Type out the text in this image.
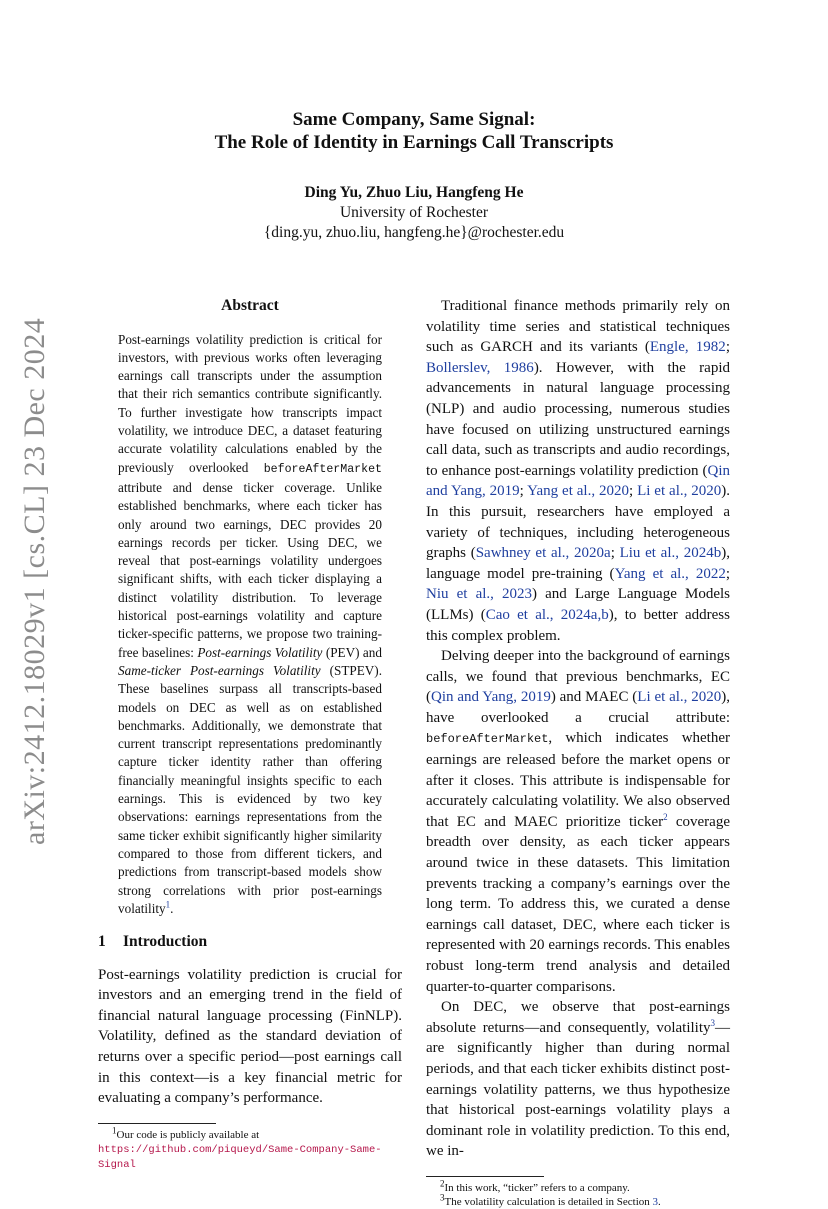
arXiv:2412.18029v1 [cs.CL] 23 Dec 2024
Same Company, Same Signal:
The Role of Identity in Earnings Call Transcripts
Ding Yu, Zhuo Liu, Hangfeng He
University of Rochester
{ding.yu, zhuo.liu, hangfeng.he}@rochester.edu
Abstract
Post-earnings volatility prediction is critical for investors, with previous works often leveraging earnings call transcripts under the assumption that their rich semantics contribute significantly. To further investigate how transcripts impact volatility, we introduce DEC, a dataset featuring accurate volatility calculations enabled by the previously overlooked beforeAfterMarket attribute and dense ticker coverage. Unlike established benchmarks, where each ticker has only around two earnings, DEC provides 20 earnings records per ticker. Using DEC, we reveal that post-earnings volatility undergoes significant shifts, with each ticker displaying a distinct volatility distribution. To leverage historical post-earnings volatility and capture ticker-specific patterns, we propose two training-free baselines: Post-earnings Volatility (PEV) and Same-ticker Post-earnings Volatility (STPEV). These baselines surpass all transcripts-based models on DEC as well as on established benchmarks. Additionally, we demonstrate that current transcript representations predominantly capture ticker identity rather than offering financially meaningful insights specific to each earnings. This is evidenced by two key observations: earnings representations from the same ticker exhibit significantly higher similarity compared to those from different tickers, and predictions from transcript-based models show strong correlations with prior post-earnings volatility$^1$.
1 Introduction

Post-earnings volatility prediction is crucial for investors and an emerging trend in the field of financial natural language processing (FinNLP). Volatility, defined as the standard deviation of returns over a specific period—post earnings call in this context—is a key financial metric for evaluating a company’s performance.

$^1$Our code is publicly available at https://github.com/piqueyd/Same-Company-Same-Signal

Traditional finance methods primarily rely on volatility time series and statistical techniques such as GARCH and its variants (Engle, 1982; Bollerslev, 1986). However, with the rapid advancements in natural language processing (NLP) and audio processing, numerous studies have focused on utilizing unstructured earnings call data, such as transcripts and audio recordings, to enhance post-earnings volatility prediction (Qin and Yang, 2019; Yang et al., 2020; Li et al., 2020). In this pursuit, researchers have employed a variety of techniques, including heterogeneous graphs (Sawhney et al., 2020a; Liu et al., 2024b), language model pre-training (Yang et al., 2022; Niu et al., 2023) and Large Language Models (LLMs) (Cao et al., 2024a,b), to better address this complex problem.

Delving deeper into the background of earnings calls, we found that previous benchmarks, EC (Qin and Yang, 2019) and MAEC (Li et al., 2020), have overlooked a crucial attribute: beforeAfterMarket, which indicates whether earnings are released before the market opens or after it closes. This attribute is indispensable for accurately calculating volatility. We also observed that EC and MAEC prioritize ticker$^2$ coverage breadth over density, as each ticker appears around twice in these datasets. This limitation prevents tracking a company’s earnings over the long term. To address this, we curated a dense earnings call dataset, DEC, where each ticker is represented with 20 earnings records. This enables robust long-term trend analysis and detailed quarter-to-quarter comparisons.

On DEC, we observe that post-earnings absolute returns—and consequently, volatility$^3$—are significantly higher than during normal periods, and that each ticker exhibits distinct post-earnings volatility patterns, we thus hypothesize that historical post-earnings volatility plays a dominant role in volatility prediction. To this end, we in-

$^2$In this work, “ticker” refers to a company.
$^3$The volatility calculation is detailed in Section 3.
